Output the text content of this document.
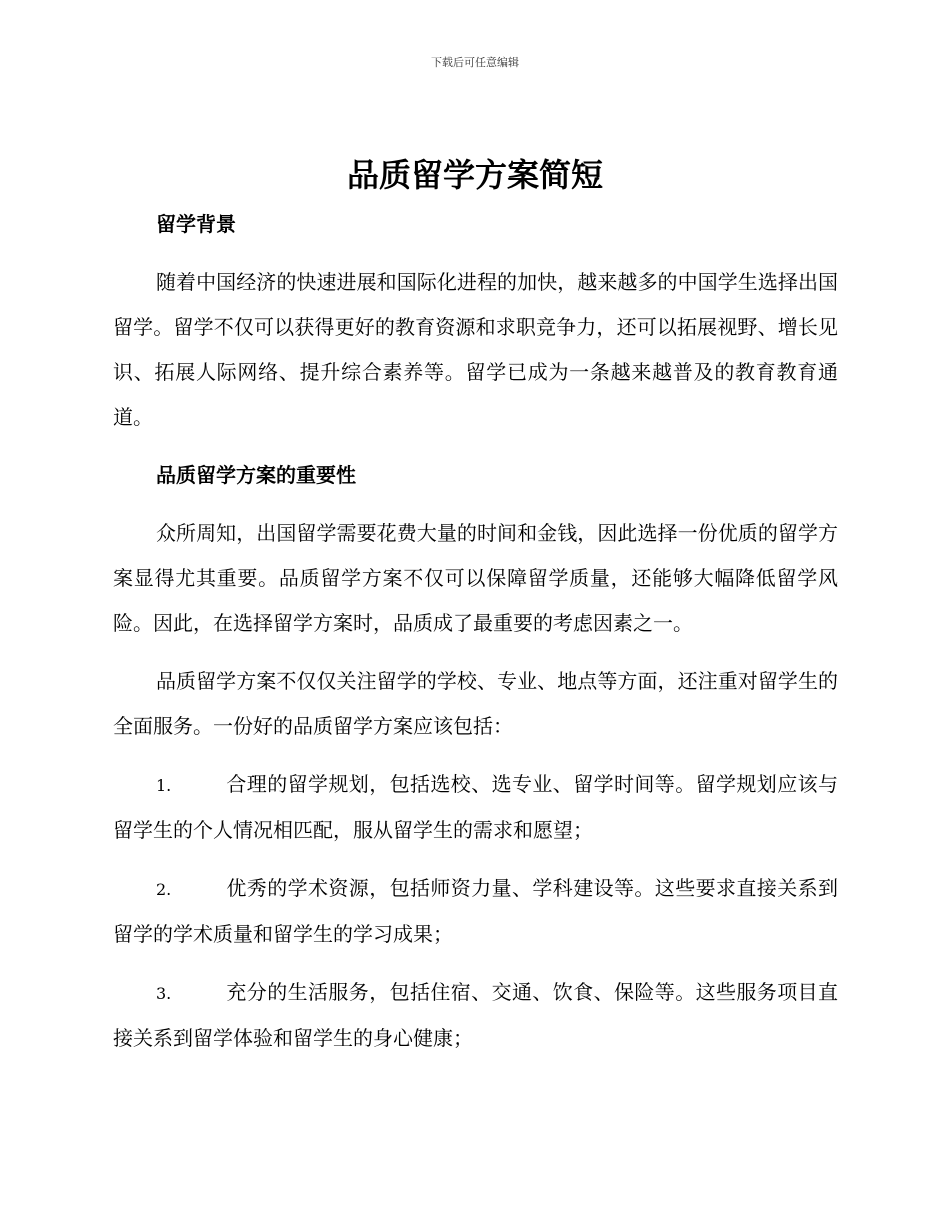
下载后可任意编辑
品质留学方案简短
留学背景
随着中国经济的快速进展和国际化进程的加快，越来越多的中国学生选择出国留学。留学不仅可以获得更好的教育资源和求职竞争力，还可以拓展视野、增长见识、拓展人际网络、提升综合素养等。留学已成为一条越来越普及的教育教育通道。
品质留学方案的重要性
众所周知，出国留学需要花费大量的时间和金钱，因此选择一份优质的留学方案显得尤其重要。品质留学方案不仅可以保障留学质量，还能够大幅降低留学风险。因此，在选择留学方案时，品质成了最重要的考虑因素之一。
品质留学方案不仅仅关注留学的学校、专业、地点等方面，还注重对留学生的全面服务。一份好的品质留学方案应该包括：
1.	合理的留学规划，包括选校、选专业、留学时间等。留学规划应该与留学生的个人情况相匹配，服从留学生的需求和愿望；
2.	优秀的学术资源，包括师资力量、学科建设等。这些要求直接关系到留学的学术质量和留学生的学习成果；
3.	充分的生活服务，包括住宿、交通、饮食、保险等。这些服务项目直接关系到留学体验和留学生的身心健康；
